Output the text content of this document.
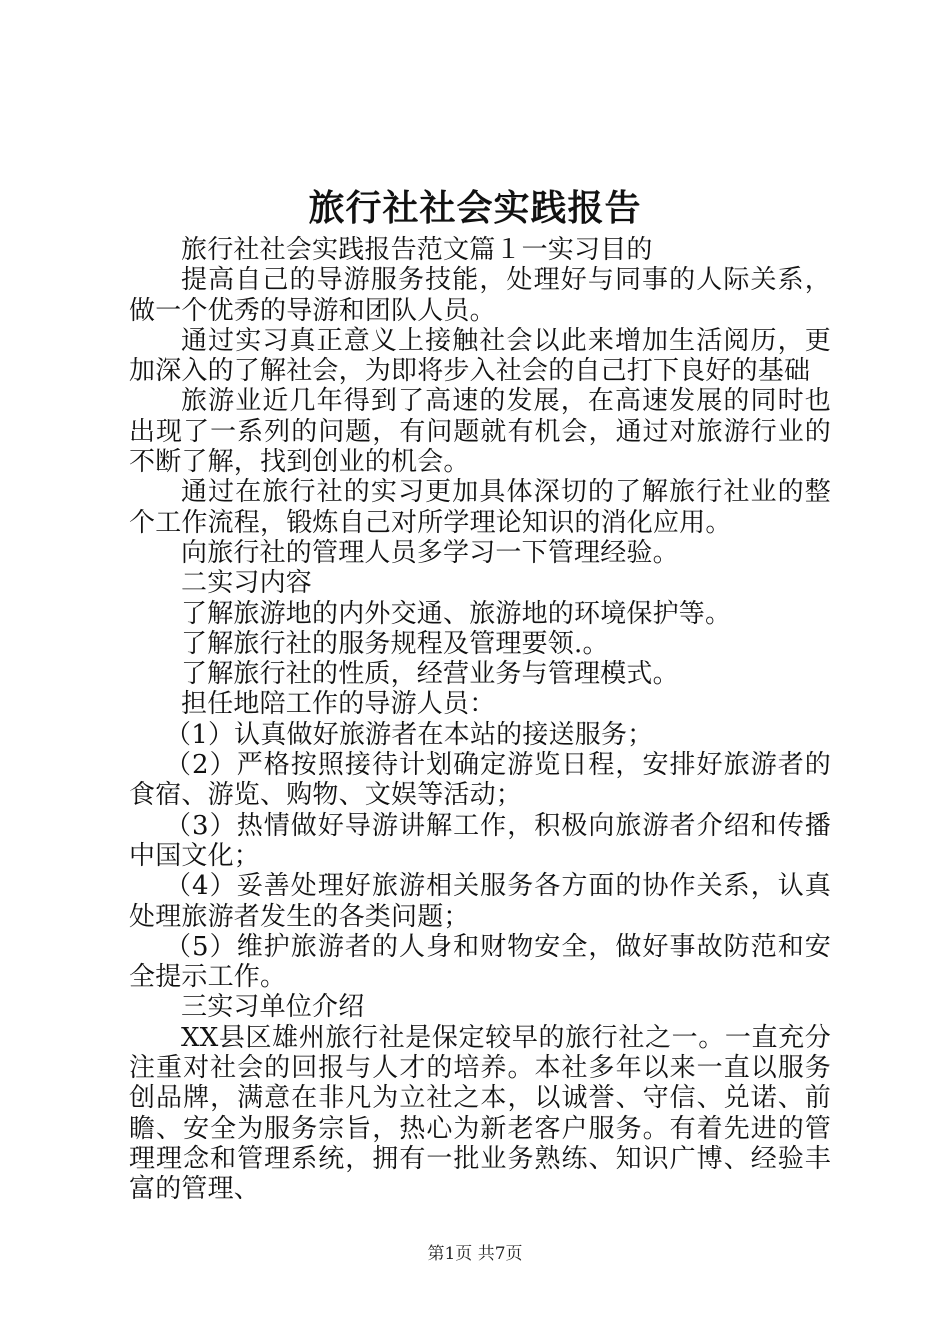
旅行社社会实践报告

旅行社社会实践报告范文篇１一实习目的

提高自己的导游服务技能，处理好与同事的人际关系，做一个优秀的导游和团队人员。

通过实习真正意义上接触社会以此来增加生活阅历，更加深入的了解社会，为即将步入社会的自己打下良好的基础

旅游业近几年得到了高速的发展，在高速发展的同时也出现了一系列的问题，有问题就有机会，通过对旅游行业的不断了解，找到创业的机会。

通过在旅行社的实习更加具体深切的了解旅行社业的整个工作流程，锻炼自己对所学理论知识的消化应用。

向旅行社的管理人员多学习一下管理经验。

二实习内容

了解旅游地的内外交通、旅游地的环境保护等。

了解旅行社的服务规程及管理要领.。

了解旅行社的性质，经营业务与管理模式。

担任地陪工作的导游人员：

（1）认真做好旅游者在本站的接送服务；

（2）严格按照接待计划确定游览日程，安排好旅游者的食宿、游览、购物、文娱等活动；

（3）热情做好导游讲解工作，积极向旅游者介绍和传播中国文化；

（4）妥善处理好旅游相关服务各方面的协作关系，认真处理旅游者发生的各类问题；

（5）维护旅游者的人身和财物安全，做好事故防范和安全提示工作。

三实习单位介绍

XX县区雄州旅行社是保定较早的旅行社之一。一直充分注重对社会的回报与人才的培养。本社多年以来一直以服务创品牌，满意在非凡为立社之本，以诚誉、守信、兑诺、前瞻、安全为服务宗旨，热心为新老客户服务。有着先进的管理理念和管理系统，拥有一批业务熟练、知识广博、经验丰富的管理、

第1页 共7页
